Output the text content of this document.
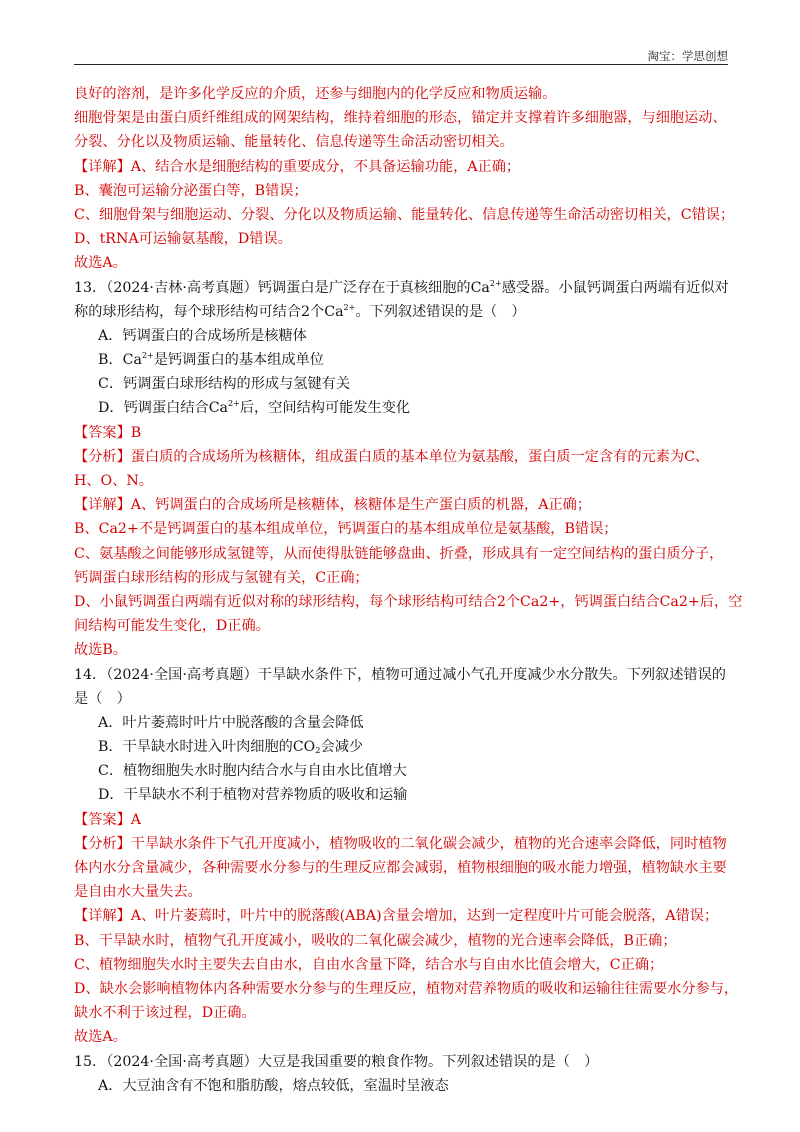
淘宝：学思创想
良好的溶剂，是许多化学反应的介质，还参与细胞内的化学反应和物质运输。
细胞骨架是由蛋白质纤维组成的网架结构，维持着细胞的形态，锚定并支撑着许多细胞器，与细胞运动、
分裂、分化以及物质运输、能量转化、信息传递等生命活动密切相关。
【详解】A、结合水是细胞结构的重要成分，不具备运输功能，A正确；
B、囊泡可运输分泌蛋白等，B错误；
C、细胞骨架与细胞运动、分裂、分化以及物质运输、能量转化、信息传递等生命活动密切相关，C错误；
D、tRNA可运输氨基酸，D错误。
故选A。
13．（2024·吉林·高考真题）钙调蛋白是广泛存在于真核细胞的$Ca^{2+}$感受器。小鼠钙调蛋白两端有近似对
称的球形结构，每个球形结构可结合2个$Ca^{2+}$。下列叙述错误的是（　）
A．钙调蛋白的合成场所是核糖体
B．$Ca^{2+}$是钙调蛋白的基本组成单位
C．钙调蛋白球形结构的形成与氢键有关
D．钙调蛋白结合$Ca^{2+}$后，空间结构可能发生变化
【答案】B
【分析】蛋白质的合成场所为核糖体，组成蛋白质的基本单位为氨基酸，蛋白质一定含有的元素为C、
H、O、N。
【详解】A、钙调蛋白的合成场所是核糖体，核糖体是生产蛋白质的机器，A正确；
B、Ca2+不是钙调蛋白的基本组成单位，钙调蛋白的基本组成单位是氨基酸，B错误；
C、氨基酸之间能够形成氢键等，从而使得肽链能够盘曲、折叠，形成具有一定空间结构的蛋白质分子，
钙调蛋白球形结构的形成与氢键有关，C正确；
D、小鼠钙调蛋白两端有近似对称的球形结构，每个球形结构可结合2个Ca2+，钙调蛋白结合Ca2+后，空
间结构可能发生变化，D正确。
故选B。
14．（2024·全国·高考真题）干旱缺水条件下，植物可通过减小气孔开度减少水分散失。下列叙述错误的
是（　）
A．叶片萎蔫时叶片中脱落酸的含量会降低
B．干旱缺水时进入叶肉细胞的$CO_2$会减少
C．植物细胞失水时胞内结合水与自由水比值增大
D．干旱缺水不利于植物对营养物质的吸收和运输
【答案】A
【分析】干旱缺水条件下气孔开度减小，植物吸收的二氧化碳会减少，植物的光合速率会降低，同时植物
体内水分含量减少，各种需要水分参与的生理反应都会减弱，植物根细胞的吸水能力增强，植物缺水主要
是自由水大量失去。
【详解】A、叶片萎蔫时，叶片中的脱落酸(ABA)含量会增加，达到一定程度叶片可能会脱落，A错误；
B、干旱缺水时，植物气孔开度减小，吸收的二氧化碳会减少，植物的光合速率会降低，B正确；
C、植物细胞失水时主要失去自由水，自由水含量下降，结合水与自由水比值会增大，C正确；
D、缺水会影响植物体内各种需要水分参与的生理反应，植物对营养物质的吸收和运输往往需要水分参与，
缺水不利于该过程，D正确。
故选A。
15．（2024·全国·高考真题）大豆是我国重要的粮食作物。下列叙述错误的是（　）
A．大豆油含有不饱和脂肪酸，熔点较低，室温时呈液态
